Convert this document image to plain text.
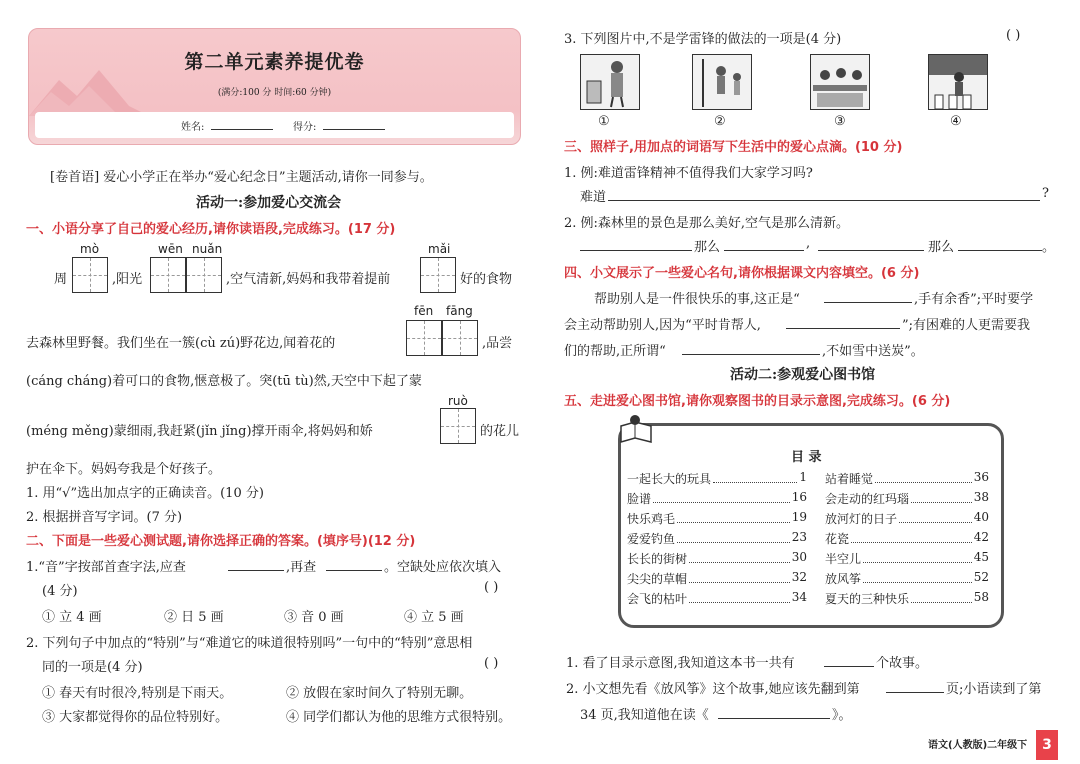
第二单元素养提优卷
(满分:100 分 时间:60 分钟)
姓名:	得分:
[卷首语] 爱心小学正在举办“爱心纪念日”主题活动,请你一同参与。
活动一:参加爱心交流会
一、小语分享了自己的爱心经历,请你读语段,完成练习。(17 分)
mò	wēn nuǎn	mǎi
周	,阳光	,空气清新,妈妈和我带着提前	好的食物
fēn fāng
去森林里野餐。我们坐在一簇(cù zú)野花边,闻着花的	,品尝
(cáng cháng)着可口的食物,惬意极了。突(tū tù)然,天空中下起了蒙
ruò
(méng měng)蒙细雨,我赶紧(jǐn jǐng)撑开雨伞,将妈妈和娇	的花儿
护在伞下。妈妈夸我是个好孩子。
1. 用“√”选出加点字的正确读音。(10 分)
2. 根据拼音写字词。(7 分)
二、下面是一些爱心测试题,请你选择正确的答案。(填序号)(12 分)
1.“音”字按部首查字法,应查	,再查	。空缺处应依次填入
(4 分)	( )
① 立 4 画	② 日 5 画	③ 音 0 画	④ 立 5 画
2. 下列句子中加点的“特别”与“难道它的味道很特别吗”一句中的“特别”意思相
同的一项是(4 分)	( )
① 春天有时很冷,特别是下雨天。	② 放假在家时间久了特别无聊。
③ 大家都觉得你的品位特别好。	④ 同学们都认为他的思维方式很特别。
3. 下列图片中,不是学雷锋的做法的一项是(4 分)	( )
①	②	③	④
三、照样子,用加点的词语写下生活中的爱心点滴。(10 分)
1. 例:难道雷锋精神不值得我们大家学习吗?
难道	?
2. 例:森林里的景色是那么美好,空气是那么清新。
那么	,	那么	。
四、小文展示了一些爱心名句,请你根据课文内容填空。(6 分)
帮助别人是一件很快乐的事,这正是“	,手有余香”;平时要学
会主动帮助别人,因为“平时肯帮人,	”;有困难的人更需要我
们的帮助,正所谓“	,不如雪中送炭”。
活动二:参观爱心图书馆
五、走进爱心图书馆,请你观察图书的目录示意图,完成练习。(6 分)
目 录
一起长大的玩具	1
脸谱	16
快乐鸡毛	19
爱爱钓鱼	23
长长的街树	30
尖尖的草帽	32
会飞的枯叶	34
站着睡觉	36
会走动的红玛瑙	38
放河灯的日子	40
花瓷	42
半空儿	45
放风筝	52
夏天的三种快乐	58
1. 看了目录示意图,我知道这本书一共有	个故事。
2. 小文想先看《放风筝》这个故事,她应该先翻到第	页;小语读到了第
34 页,我知道他在读《	》。
语文(人教版)二年级下	3
